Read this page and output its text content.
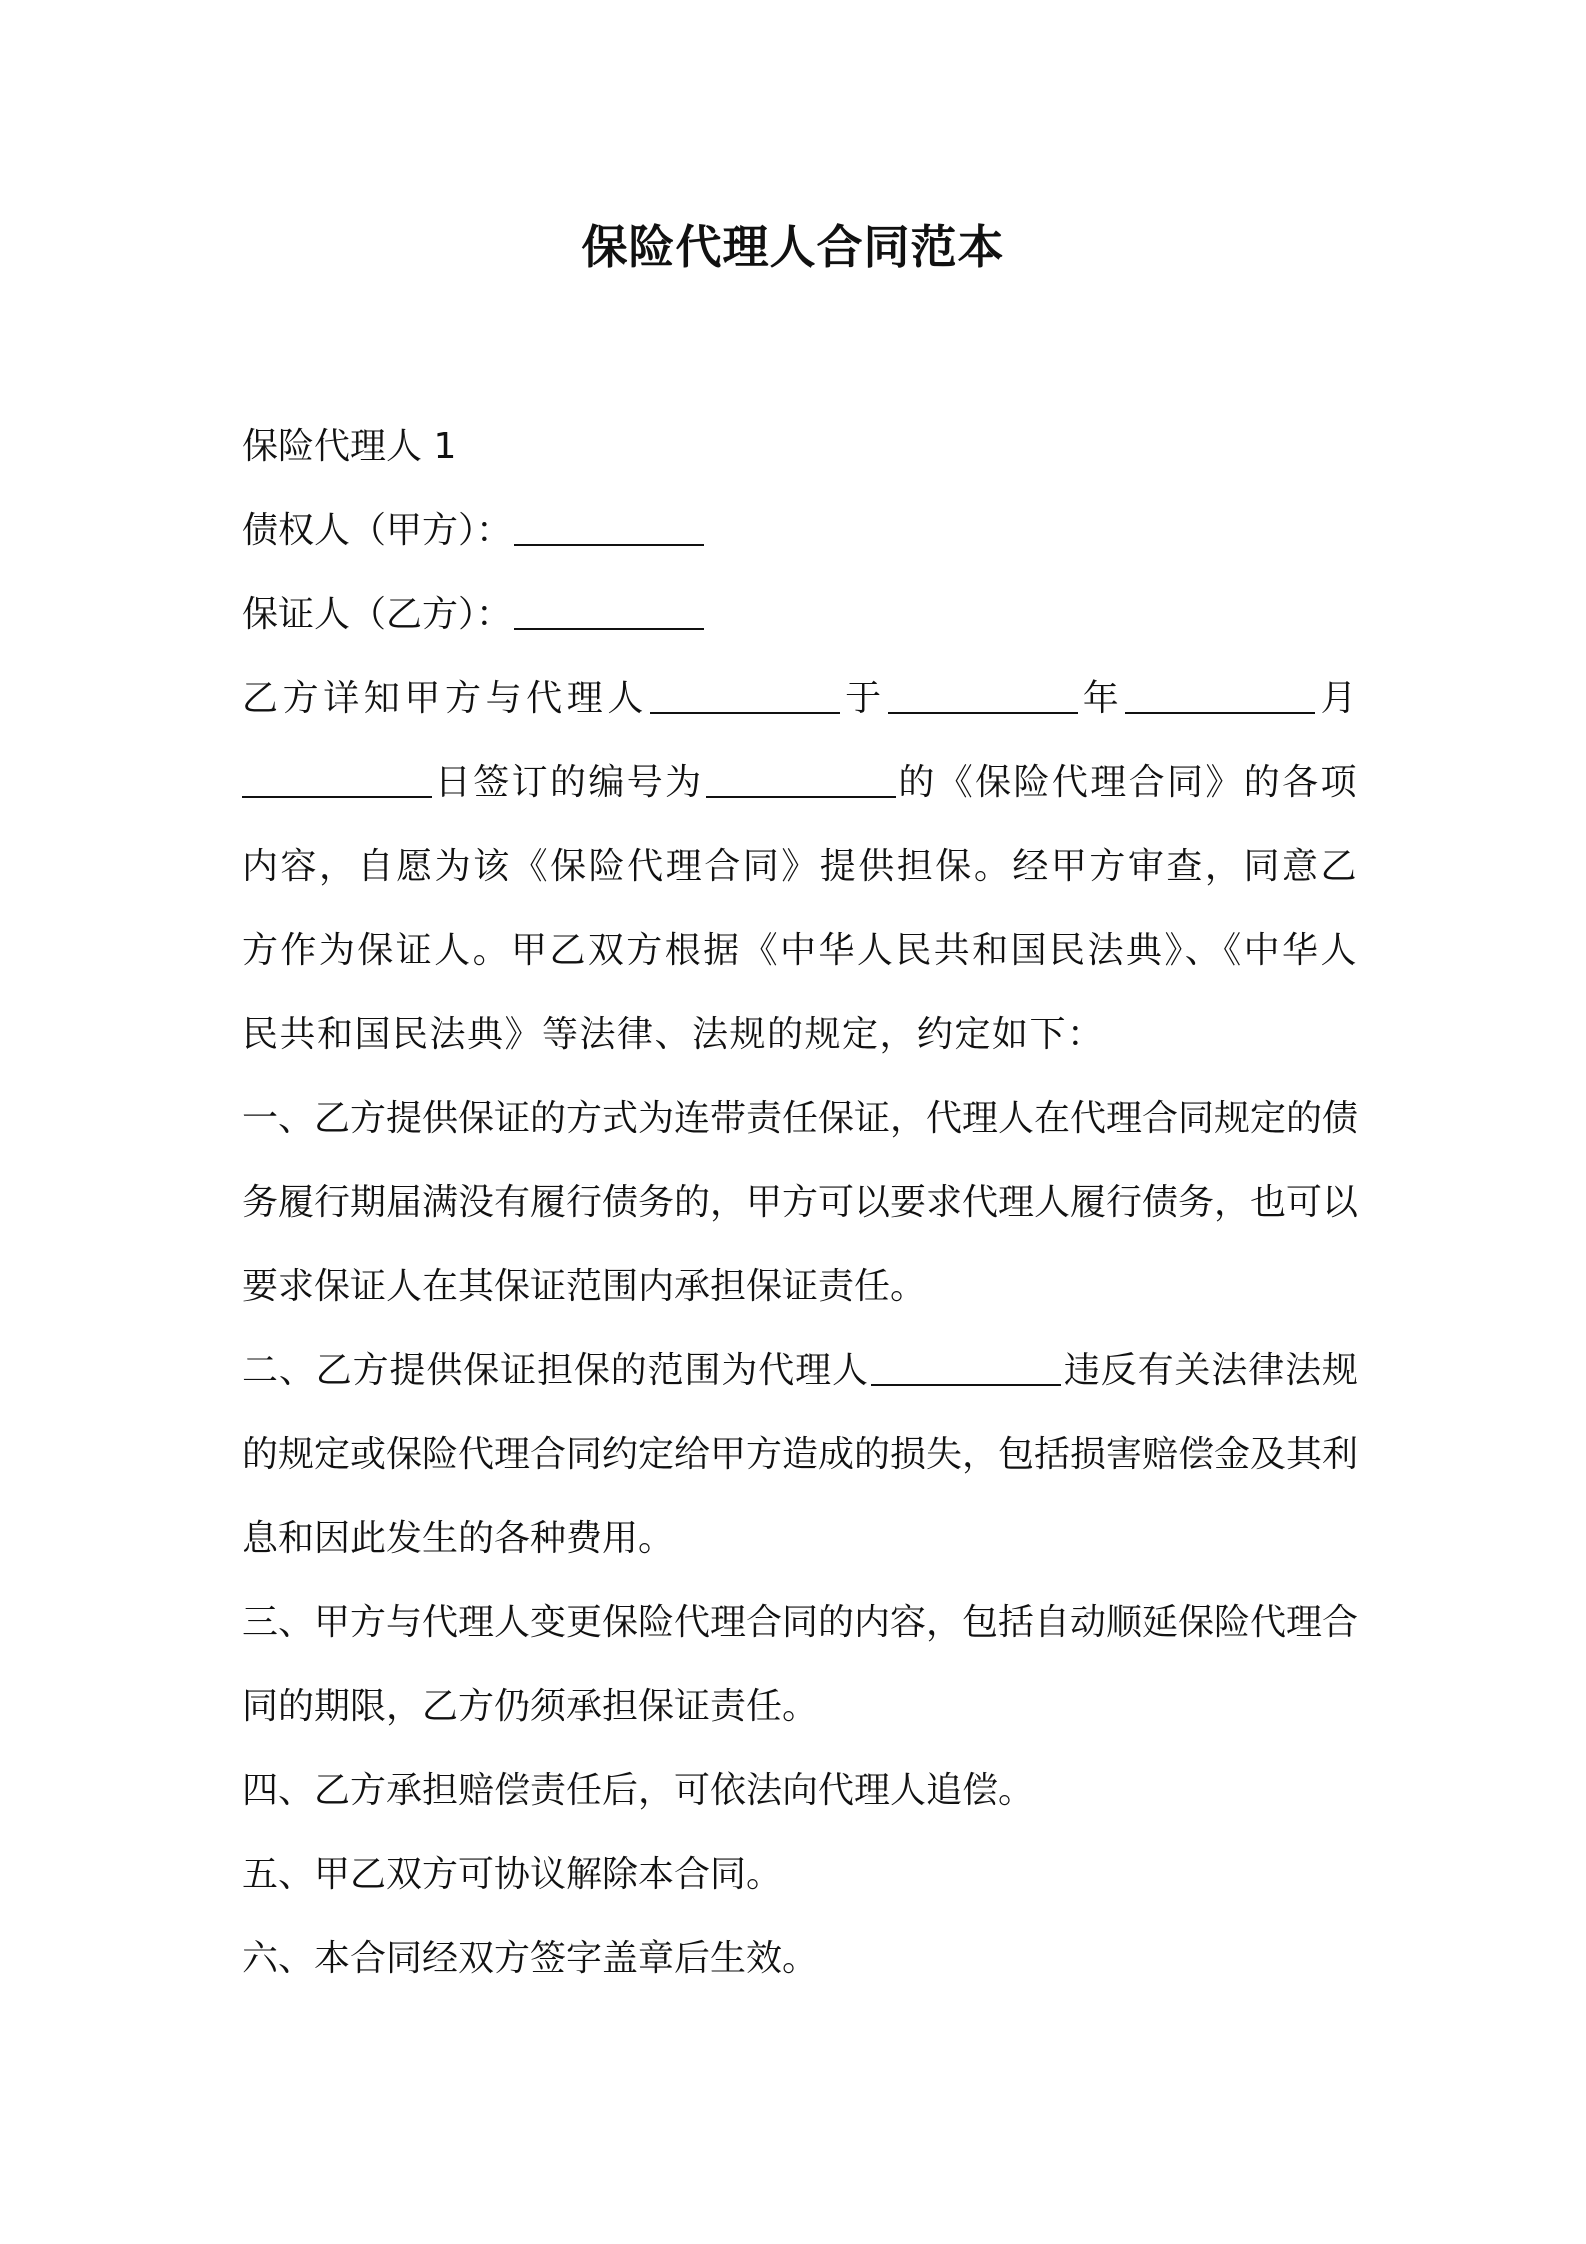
保险代理人合同范本
保险代理人 1
债权人（甲方）：
保证人（乙方）：
乙方详知甲方与代理人	于	年	月日签订的编号为	的《保险代理合同》的各项内容，自愿为该《保险代理合同》提供担保。经甲方审查，同意乙方作为保证人。甲乙双方根据《中华人民共和国民法典》、《中华人民共和国民法典》等法律、法规的规定，约定如下：
一、乙方提供保证的方式为连带责任保证，代理人在代理合同规定的债务履行期届满没有履行债务的，甲方可以要求代理人履行债务，也可以要求保证人在其保证范围内承担保证责任。
二、乙方提供保证担保的范围为代理人	违反有关法律法规的规定或保险代理合同约定给甲方造成的损失，包括损害赔偿金及其利息和因此发生的各种费用。
三、甲方与代理人变更保险代理合同的内容，包括自动顺延保险代理合同的期限，乙方仍须承担保证责任。
四、乙方承担赔偿责任后，可依法向代理人追偿。
五、甲乙双方可协议解除本合同。
六、本合同经双方签字盖章后生效。
